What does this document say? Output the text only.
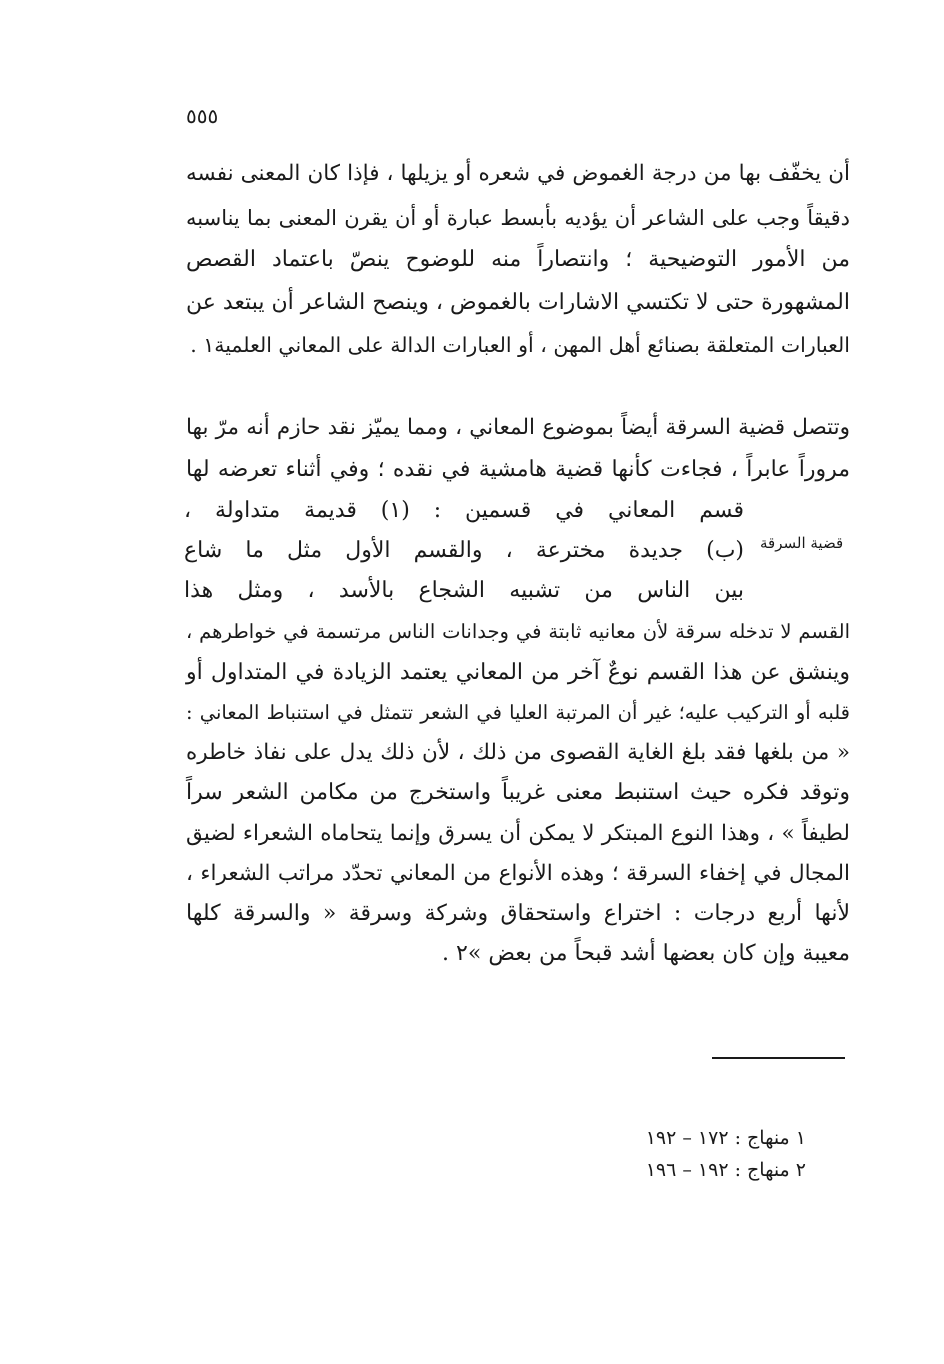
٥٥٥
أن يخفّف بها من درجة الغموض في شعره أو يزيلها ، فإذا كان المعنى نفسه
دقيقاً وجب على الشاعر أن يؤديه بأبسط عبارة أو أن يقرن المعنى بما يناسبه
من الأمور التوضيحية ؛ وانتصاراً منه للوضوح ينصّ باعتماد القصص
المشهورة حتى لا تكتسي الاشارات بالغموض ، وينصح الشاعر أن يبتعد عن
العبارات المتعلقة بصنائع أهل المهن ، أو العبارات الدالة على المعاني العلمية١ .
وتتصل قضية السرقة أيضاً بموضوع المعاني ، ومما يميّز نقد حازم أنه مرّ بها
مروراً عابراً ، فجاءت كأنها قضية هامشية في نقده ؛ وفي أثناء تعرضه لها
قسم المعاني في قسمين : (١) قديمة متداولة ،
(ب) جديدة مخترعة ، والقسم الأول مثل ما شاع
بين الناس من تشبيه الشجاع بالأسد ، ومثل هذا
القسم لا تدخله سرقة لأن معانيه ثابتة في وجدانات الناس مرتسمة في خواطرهم ،
وينشق عن هذا القسم نوعٌ آخر من المعاني يعتمد الزيادة في المتداول أو
قلبه أو التركيب عليه؛ غير أن المرتبة العليا في الشعر تتمثل في استنباط المعاني :
« من بلغها فقد بلغ الغاية القصوى من ذلك ، لأن ذلك يدل على نفاذ خاطره
وتوقد فكره حيث استنبط معنى غريباً واستخرج من مكامن الشعر سراً
لطيفاً » ، وهذا النوع المبتكر لا يمكن أن يسرق وإنما يتحاماه الشعراء لضيق
المجال في إخفاء السرقة ؛ وهذه الأنواع من المعاني تحدّد مراتب الشعراء ،
لأنها أربع درجات : اختراع واستحقاق وشركة وسرقة « والسرقة كلها
معيبة وإن كان بعضها أشد قبحاً من بعض »٢ .
قضية السرقة
١ منهاج : ١٧٢ – ١٩٢
٢ منهاج : ١٩٢ – ١٩٦
